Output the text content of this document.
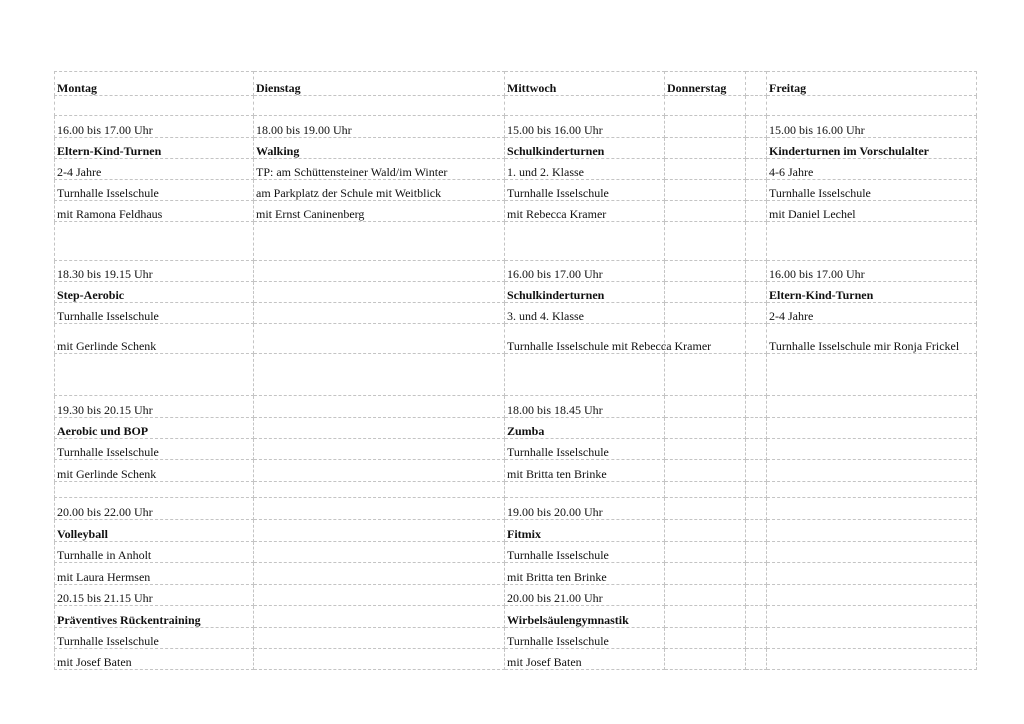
Montag	Dienstag	Mittwoch	Donnerstag		Freitag

16.00 bis 17.00 Uhr	18.00 bis 19.00 Uhr	15.00 bis 16.00 Uhr			15.00 bis 16.00 Uhr
Eltern-Kind-Turnen	Walking	Schulkinderturnen			Kinderturnen im Vorschulalter
2-4 Jahre	TP: am Schüttensteiner Wald/im Winter	1. und 2. Klasse			4-6 Jahre
Turnhalle Isselschule	am Parkplatz der Schule mit Weitblick	Turnhalle Isselschule			Turnhalle Isselschule
mit Ramona Feldhaus	mit Ernst Caninenberg	mit Rebecca Kramer			mit Daniel Lechel

18.30 bis 19.15 Uhr		16.00 bis 17.00 Uhr			16.00 bis 17.00 Uhr
Step-Aerobic		Schulkinderturnen			Eltern-Kind-Turnen
Turnhalle Isselschule		3. und 4. Klasse			2-4 Jahre
mit Gerlinde Schenk		Turnhalle Isselschule mit Rebecca Kramer			Turnhalle Isselschule mir Ronja Frickel

19.30 bis 20.15 Uhr		18.00 bis 18.45 Uhr			
Aerobic und BOP		Zumba			
Turnhalle Isselschule		Turnhalle Isselschule			
mit Gerlinde Schenk		mit Britta ten Brinke			

20.00 bis 22.00 Uhr		19.00 bis 20.00 Uhr			
Volleyball		Fitmix			
Turnhalle in Anholt		Turnhalle Isselschule			
mit Laura Hermsen		mit Britta ten Brinke			
20.15 bis 21.15 Uhr		20.00 bis 21.00 Uhr			
Präventives Rückentraining		Wirbelsäulengymnastik			
Turnhalle Isselschule		Turnhalle Isselschule			
mit Josef Baten		mit Josef Baten			
